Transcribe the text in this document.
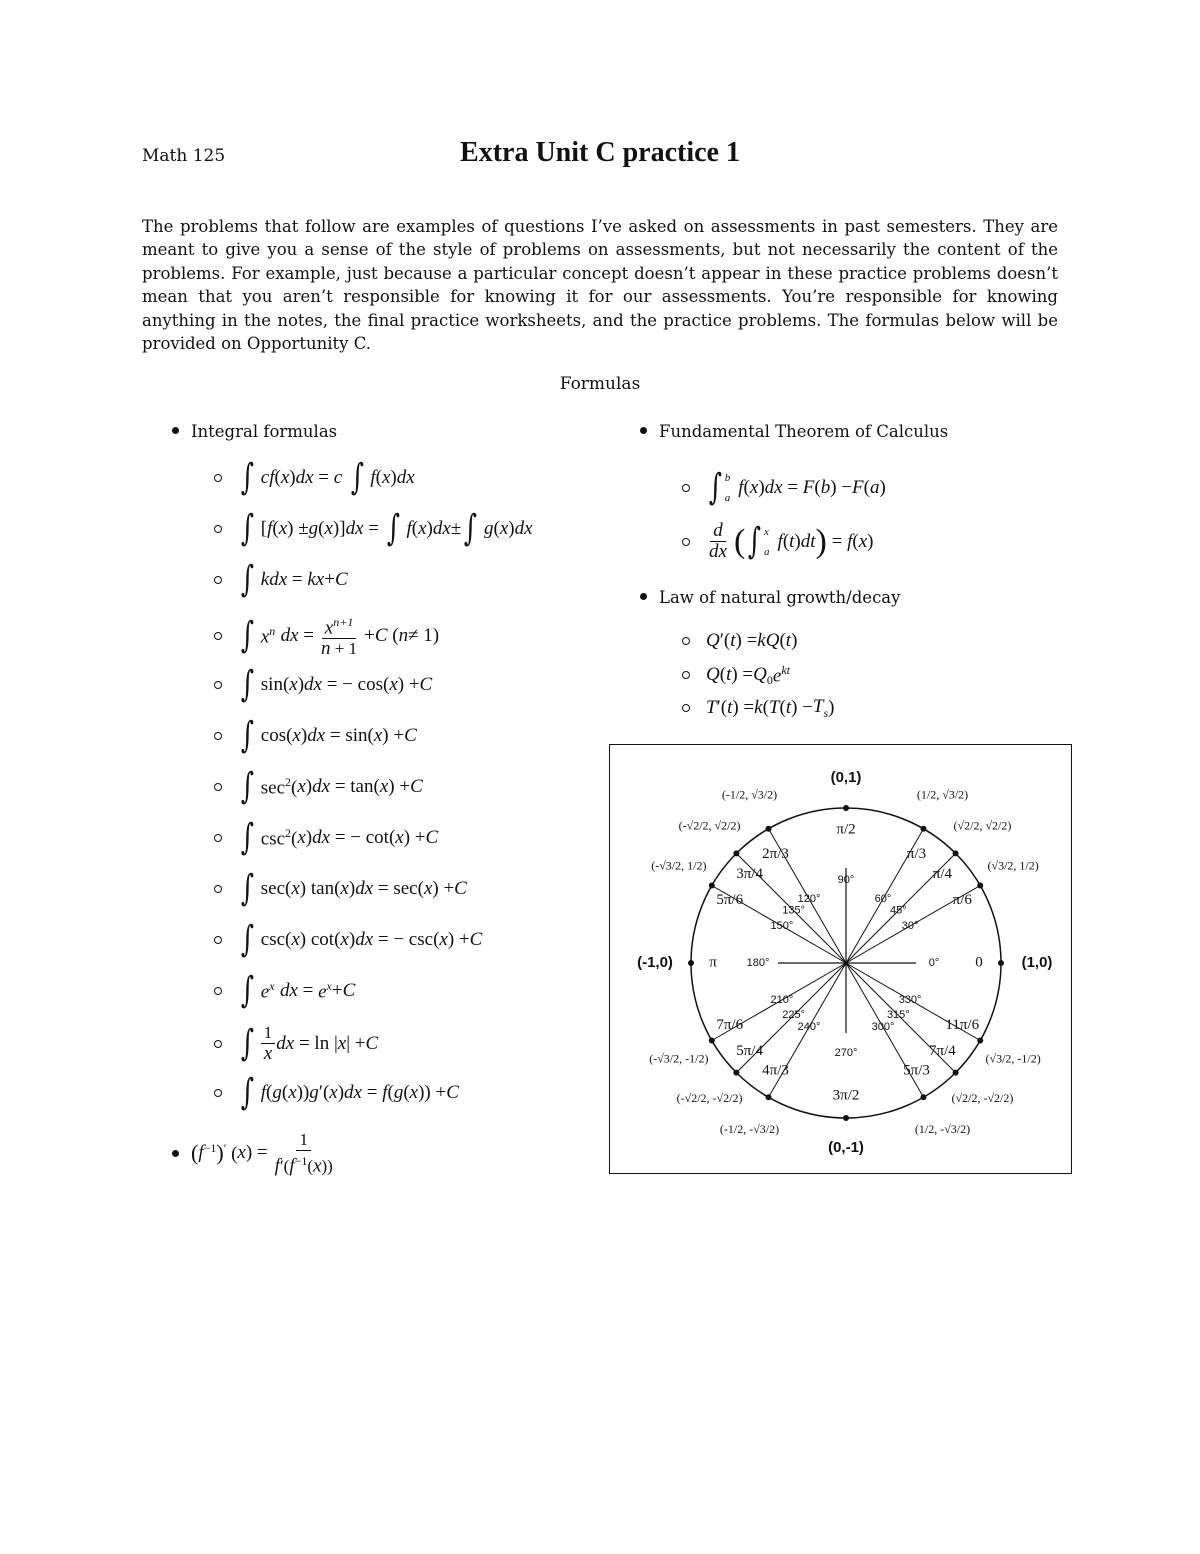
Math 125	Extra Unit C practice 1
The problems that follow are examples of questions I’ve asked on assessments in past semesters. They are meant to give you a sense of the style of problems on assessments, but not necessarily the content of the problems. For example, just because a particular concept doesn’t appear in these practice problems doesn’t mean that you aren’t responsible for knowing it for our assessments. You’re responsible for knowing anything in the notes, the final practice worksheets, and the practice problems. The formulas below will be provided on Opportunity C.
Formulas
Integral formulas
∫ cf ( x ) dx = c
∫ f ( x ) dx
∫ [ f ( x ) ± g ( x )] dx = ∫ f ( x ) dx ± ∫ g ( x ) dx
∫ kdx = kx + C
∫ $x^n$
dx = $\frac{x^{n+1}}{n + 1} + C$ ( n ≠ 1)
∫ sin( x ) dx = − cos( x ) + C
∫ cos( x ) dx = sin( x ) + C
∫ $\sec^2$( x ) dx = tan( x ) + C
∫ $\csc^2$( x ) dx = − cot( x ) + C
∫ sec( x ) tan( x ) dx = sec( x ) + C
∫ csc( x ) cot( x ) dx = − csc( x ) + C
∫ $e^x$
dx = $e^x + C$
∫ $\frac{1}{x}$ dx = ln | x | + C
∫ f ( g ( x )) g ′( x ) dx = f ( g ( x )) + C
( f $^{-1}$ ) ′ ( x ) = $\frac{1}{f'(f^{-1}(x))}$
Fundamental Theorem of Calculus
∫ b
a f ( x ) dx = F ( b ) − F ( a )
$\frac{d}{dx}$ ( ∫ x
a f ( t ) dt ) = f ( x )
Law of natural growth/decay
Q ′( t ) = kQ ( t )
Q ( t ) = Q $_0$ $e^{kt}$
T ′( t ) = k ( T ( t ) − $T_s$ )
(1,0)
0
0°
(0,1)
π/2
90°
(-1,0) π	180°
(0,-1)
3π/2
270°
30°
π/6
(√3/2, 1/2)
45°
π/4
(√2/2, √2/2)
60°
π/3
(1/2, √3/2)
120°
2π/3
(-1/2, √3/2)
135°
3π/4
(-√2/2, √2/2)
150°
5π/6
(-√3/2, 1/2)
210°
7π/6
(-√3/2, -1/2)
225°
5π/4
(-√2/2, -√2/2)
240°
4π/3
(-1/2, -√3/2)
300°
5π/3
(1/2, -√3/2)
315°
7π/4
(√2/2, -√2/2)
330°
11π/6
(√3/2, -1/2)
